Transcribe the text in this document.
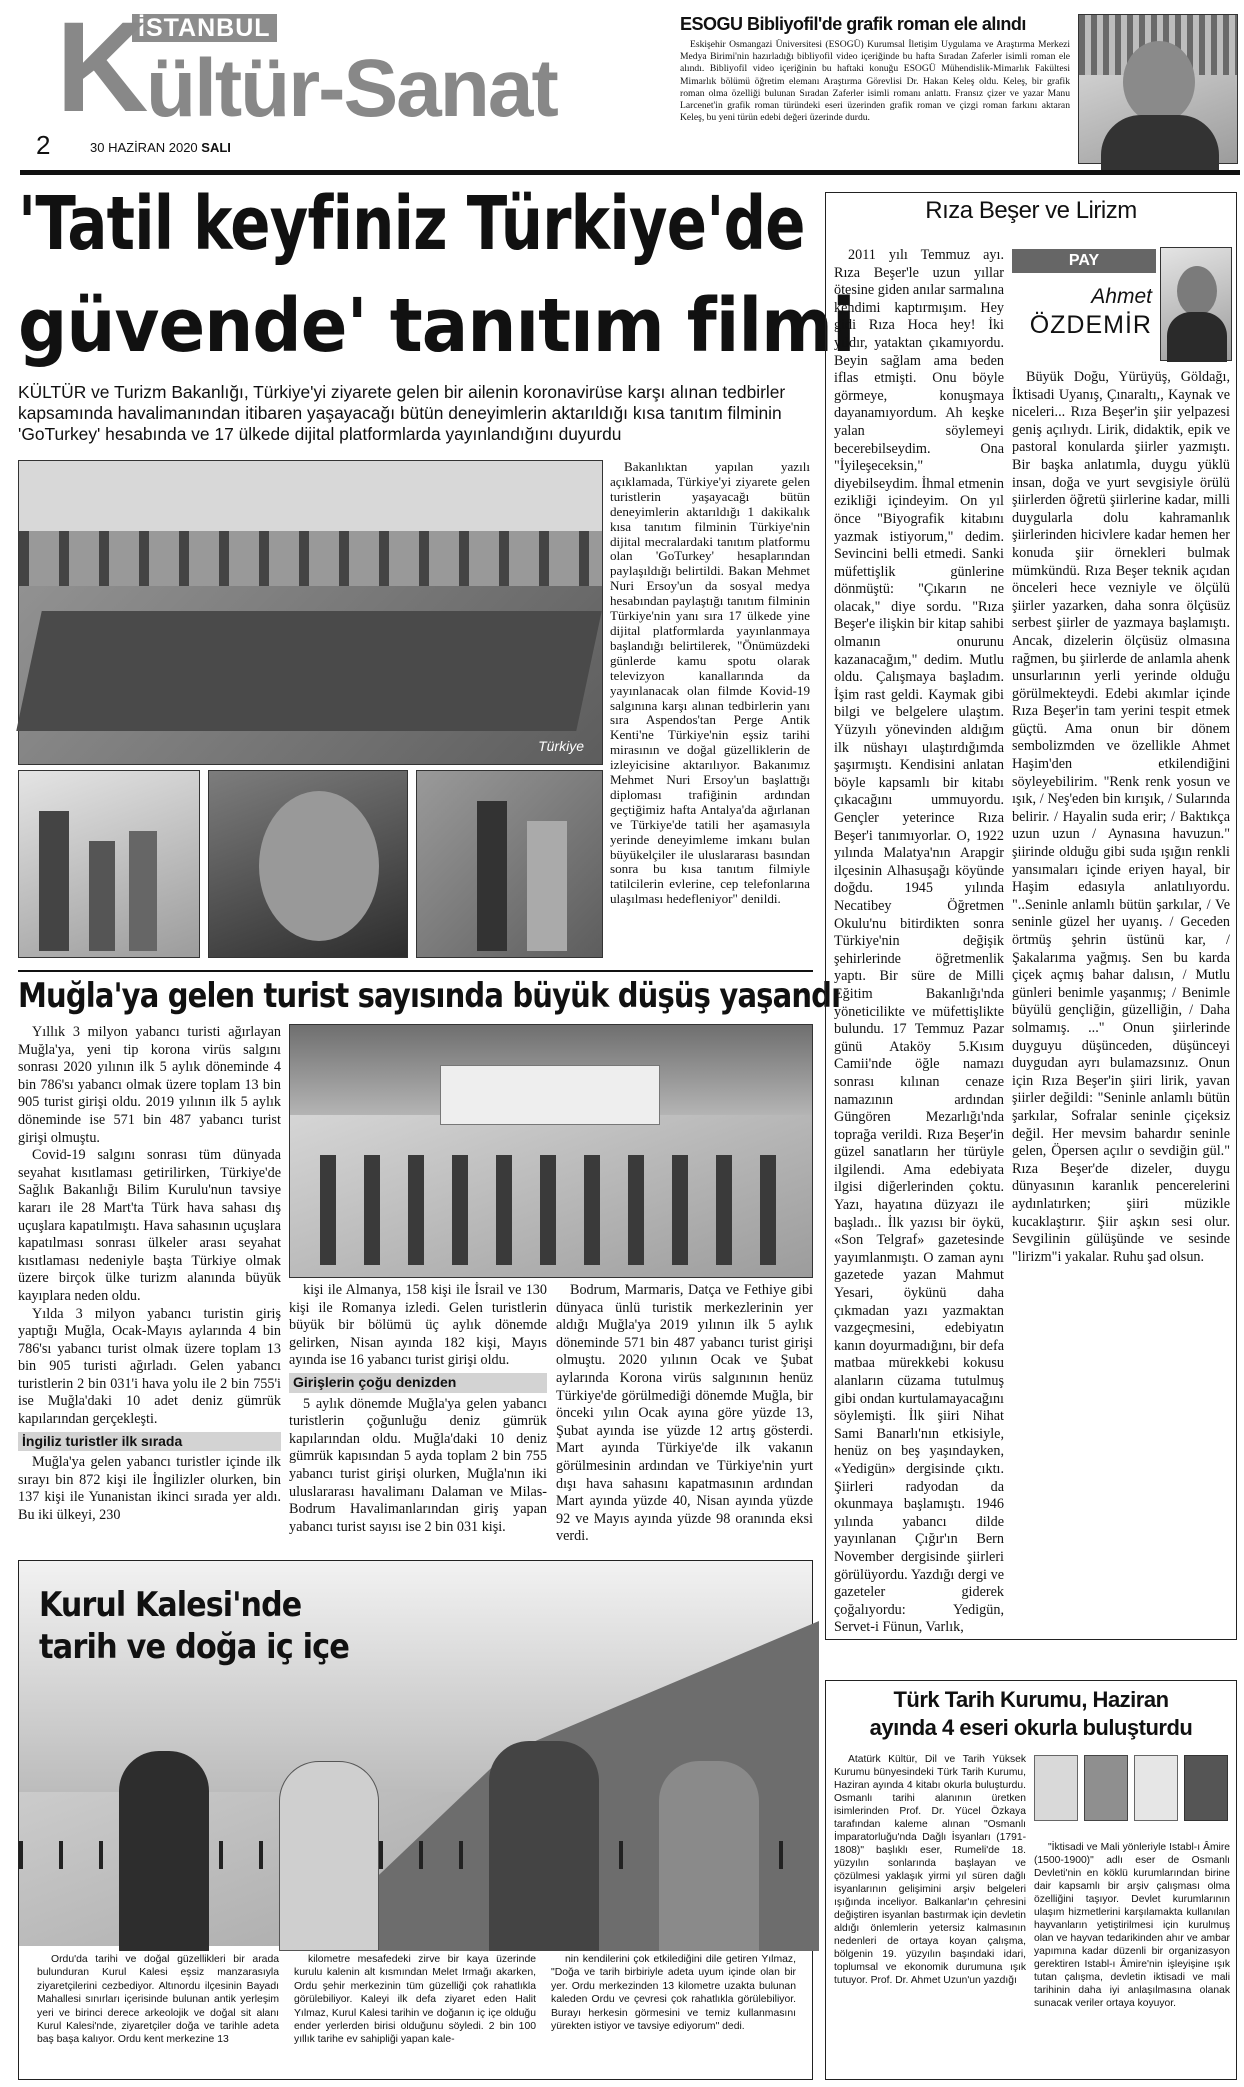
İSTANBUL
K
ültür-Sanat
2	30 HAZİRAN 2020 SALI
ESOGU Bibliyofil'de grafik roman ele alındı
Eskişehir Osmangazi Üniversitesi (ESOGÜ) Kurumsal İletişim Uygulama ve Araştırma Merkezi Medya Birimi'nin hazırladığı bibliyofil video içeriğinde bu hafta Sıradan Zaferler isimli roman ele alındı. Bibliyofil video içeriğinin bu haftaki konuğu ESOGÜ Mühendislik-Mimarlık Fakültesi Mimarlık bölümü öğretim elemanı Araştırma Görevlisi Dr. Hakan Keleş oldu. Keleş, bir grafik roman olma özelliği bulunan Sıradan Zaferler isimli romanı anlattı. Fransız çizer ve yazar Manu Larcenet'in grafik roman türündeki eseri üzerinden grafik roman ve çizgi roman farkını aktaran Keleş, bu yeni türün edebi değeri üzerinde durdu.
'Tatil keyfiniz Türkiye'de
güvende' tanıtım filmi
KÜLTÜR ve Turizm Bakanlığı, Türkiye'yi ziyarete gelen bir ailenin koronavirüse karşı alınan tedbirler kapsamında havalimanından itibaren yaşayacağı bütün deneyimlerin aktarıldığı kısa tanıtım filminin 'GoTurkey' hesabında ve 17 ülkede dijital platformlarda yayınlandığını duyurdu
Türkiye

Bakanlıktan yapılan yazılı açıklamada, Türkiye'yi ziyarete gelen turistlerin yaşayacağı bütün deneyimlerin aktarıldığı 1 dakikalık kısa tanıtım filminin Türkiye'nin dijital mecralardaki tanıtım platformu olan 'GoTurkey' hesaplarından paylaşıldığı belirtildi. Bakan Mehmet Nuri Ersoy'un da sosyal medya hesabından paylaştığı tanıtım filminin Türkiye'nin yanı sıra 17 ülkede yine dijital platformlarda yayınlanmaya başlandığı belirtilerek, "Önümüzdeki günlerde kamu spotu olarak televizyon kanallarında da yayınlanacak olan filmde Kovid-19 salgınına karşı alınan tedbirlerin yanı sıra Aspendos'tan Perge Antik Kenti'ne Türkiye'nin eşsiz tarihi mirasının ve doğal güzelliklerin de izleyicisine aktarılıyor. Bakanımız Mehmet Nuri Ersoy'un başlattığı diploması trafiğinin ardından geçtiğimiz hafta Antalya'da ağırlanan ve Türkiye'de tatili her aşamasıyla yerinde deneyimleme imkanı bulan büyükelçiler ile uluslararası basından sonra bu kısa tanıtım filmiyle tatilcilerin evlerine, cep telefonlarına ulaşılması hedefleniyor" denildi.

Muğla'ya gelen turist sayısında büyük düşüş yaşandı

Yıllık 3 milyon yabancı turisti ağırlayan Muğla'ya, yeni tip korona virüs salgını sonrası 2020 yılının ilk 5 aylık döneminde 4 bin 786'sı yabancı olmak üzere toplam 13 bin 905 turist girişi oldu. 2019 yılının ilk 5 aylık döneminde ise 571 bin 487 yabancı turist girişi olmuştu.

Covid-19 salgını sonrası tüm dünyada seyahat kısıtlaması getirilirken, Türkiye'de Sağlık Bakanlığı Bilim Kurulu'nun tavsiye kararı ile 28 Mart'ta Türk hava sahası dış uçuşlara kapatılmıştı. Hava sahasının uçuşlara kapatılması sonrası ülkeler arası seyahat kısıtlaması nedeniyle başta Türkiye olmak üzere birçok ülke turizm alanında büyük kayıplara neden oldu.

Yılda 3 milyon yabancı turistin giriş yaptığı Muğla, Ocak-Mayıs aylarında 4 bin 786'sı yabancı turist olmak üzere toplam 13 bin 905 turisti ağırladı. Gelen yabancı turistlerin 2 bin 031'i hava yolu ile 2 bin 755'i ise Muğla'daki 10 adet deniz gümrük kapılarından gerçekleşti.

İngiliz turistler ilk sırada

Muğla'ya gelen yabancı turistler içinde ilk sırayı bin 872 kişi ile İngilizler olurken, bin 137 kişi ile Yunanistan ikinci sırada yer aldı. Bu iki ülkeyi, 230

kişi ile Almanya, 158 kişi ile İsrail ve 130 kişi ile Romanya izledi. Gelen turistlerin büyük bir bölümü üç aylık dönemde gelirken, Nisan ayında 182 kişi, Mayıs ayında ise 16 yabancı turist girişi oldu.

Girişlerin çoğu denizden

5 aylık dönemde Muğla'ya gelen yabancı turistlerin çoğunluğu deniz gümrük kapılarından oldu. Muğla'daki 10 deniz gümrük kapısından 5 ayda toplam 2 bin 755 yabancı turist girişi olurken, Muğla'nın iki uluslararası havalimanı Dalaman ve Milas-Bodrum Havalimanlarından giriş yapan yabancı turist sayısı ise 2 bin 031 kişi.

Bodrum, Marmaris, Datça ve Fethiye gibi dünyaca ünlü turistik merkezlerinin yer aldığı Muğla'ya 2019 yılının ilk 5 aylık döneminde 571 bin 487 yabancı turist girişi olmuştu. 2020 yılının Ocak ve Şubat aylarında Korona virüs salgınının henüz Türkiye'de görülmediği dönemde Muğla, bir önceki yılın Ocak ayına göre yüzde 13, Şubat ayında ise yüzde 12 artış gösterdi. Mart ayında Türkiye'de ilk vakanın görülmesinin ardından ve Türkiye'nin yurt dışı hava sahasını kapatmasının ardından Mart ayında yüzde 40, Nisan ayında yüzde 92 ve Mayıs ayında yüzde 98 oranında eksi verdi.

Kurul Kalesi'nde
tarih ve doğa iç içe

Ordu'da tarihi ve doğal güzellikleri bir arada bulunduran Kurul Kalesi eşsiz manzarasıyla ziyaretçilerini cezbediyor. Altınordu ilçesinin Bayadı Mahallesi sınırları içerisinde bulunan antik yerleşim yeri ve birinci derece arkeolojik ve doğal sit alanı Kurul Kalesi'nde, ziyaretçiler doğa ve tarihle adeta baş başa kalıyor. Ordu kent merkezine 13

kilometre mesafedeki zirve bir kaya üzerinde kurulu kalenin alt kısmından Melet Irmağı akarken, Ordu şehir merkezinin tüm güzelliği çok rahatlıkla görülebiliyor. Kaleyi ilk defa ziyaret eden Halit Yılmaz, Kurul Kalesi tarihin ve doğanın iç içe olduğu ender yerlerden birisi olduğunu söyledi. 2 bin 100 yıllık tarihe ev sahipliği yapan kale-

nin kendilerini çok etkilediğini dile getiren Yılmaz, "Doğa ve tarih birbiriyle adeta uyum içinde olan bir yer. Ordu merkezinden 13 kilometre uzakta bulunan kaleden Ordu ve çevresi çok rahatlıkla görülebiliyor. Burayı herkesin görmesini ve temiz kullanmasını yürekten istiyor ve tavsiye ediyorum" dedi.

Rıza Beşer ve Lirizm

2011 yılı Temmuz ayı. Rıza Beşer'le uzun yıllar ötesine giden anılar sarmalına kendimi kaptırmışım. Hey gidi Rıza Hoca hey! İki yıldır, yataktan çıkamıyordu. Beyin sağlam ama beden iflas etmişti. Onu böyle görmeye, konuşmaya dayanamıyordum. Ah keşke yalan söylemeyi becerebilseydim. Ona "İyileşeceksin," diyebilseydim. İhmal etmenin ezikliği içindeyim. On yıl önce "Biyografik kitabını yazmak istiyorum," dedim. Sevincini belli etmedi. Sanki müfettişlik günlerine dönmüştü: "Çıkarın ne olacak," diye sordu. "Rıza Beşer'e ilişkin bir kitap sahibi olmanın onurunu kazanacağım," dedim. Mutlu oldu. Çalışmaya başladım. İşim rast geldi. Kaymak gibi bilgi ve belgelere ulaştım. Yüzyılı yönevinden aldığım ilk nüshayı ulaştırdığımda şaşırmıştı. Kendisini anlatan böyle kapsamlı bir kitabı çıkacağını ummuyordu. Gençler yeterince Rıza Beşer'i tanımıyorlar. O, 1922 yılında Malatya'nın Arapgir ilçesinin Alhasuşağı köyünde doğdu. 1945 yılında Necatibey Öğretmen Okulu'nu bitirdikten sonra Türkiye'nin değişik şehirlerinde öğretmenlik yaptı. Bir süre de Milli Eğitim Bakanlığı'nda yöneticilikte ve müfettişlikte bulundu. 17 Temmuz Pazar günü Ataköy 5.Kısım Camii'nde öğle namazı sonrası kılınan cenaze namazının ardından Güngören Mezarlığı'nda toprağa verildi. Rıza Beşer'in güzel sanatların her türüyle ilgilendi. Ama edebiyata ilgisi diğerlerinden çoktu. Yazı, hayatına düzyazı ile başladı.. İlk yazısı bir öykü, «Son Telgraf» gazetesinde yayımlanmıştı. O zaman aynı gazetede yazan Mahmut Yesari, öykünü daha çıkmadan yazı yazmaktan vazgeçmesini, edebiyatın kanın doyurmadığını, bir defa matbaa mürekkebi kokusu alanların cüzama tutulmuş gibi ondan kurtulamayacağını söylemişti. İlk şiiri Nihat Sami Banarlı'nın etkisiyle, henüz on beş yaşındayken, «Yedigün» dergisinde çıktı. Şiirleri radyodan da okunmaya başlamıştı. 1946 yılında yabancı dilde yayınlanan Çığır'ın Bern November dergisinde şiirleri görülüyordu. Yazdığı dergi ve gazeteler giderek çoğalıyordu: Yedigün, Servet-i Fünun, Varlık,

PAY
Ahmet
ÖZDEMİR

Büyük Doğu, Yürüyüş, Göldağı, İktisadi Uyanış, Çınaraltı,, Kaynak ve niceleri... Rıza Beşer'in şiir yelpazesi geniş açılıydı. Lirik, didaktik, epik ve pastoral konularda şiirler yazmıştı. Bir başka anlatımla, duygu yüklü insan, doğa ve yurt sevgisiyle örülü şiirlerden öğretü şiirlerine kadar, milli duygularla dolu kahramanlık şiirlerinden hicivlere kadar hemen her konuda şiir örnekleri bulmak mümkündü. Rıza Beşer teknik açıdan önceleri hece vezniyle ve ölçülü şiirler yazarken, daha sonra ölçüsüz serbest şiirler de yazmaya başlamıştı. Ancak, dizelerin ölçüsüz olmasına rağmen, bu şiirlerde de anlamla ahenk unsurlarının yerli yerinde olduğu görülmekteydi. Edebi akımlar içinde Rıza Beşer'in tam yerini tespit etmek güçtü. Ama onun bir dönem sembolizmden ve özellikle Ahmet Haşim'den etkilendiğini söyleyebilirim. "Renk renk yosun ve ışık, / Neş'eden bin kırışık, / Sularında belirir. / Hayalin suda erir; / Baktıkça uzun uzun / Aynasına havuzun." şiirinde olduğu gibi suda ışığın renkli yansımaları içinde eriyen hayal, bir Haşim edasıyla anlatılıyordu. "..Seninle anlamlı bütün şarkılar, / Ve seninle güzel her uyanış. / Geceden örtmüş şehrin üstünü kar, / Şakalarıma yağmış. Sen bu karda çiçek açmış bahar dalısın, / Mutlu günleri benimle yaşanmış; / Benimle büyülü gençliğin, güzelliğin, / Daha solmamış. ..." Onun şiirlerinde duyguyu düşünceden, düşünceyi duygudan ayrı bulamazsınız. Onun için Rıza Beşer'in şiiri lirik, yavan şiirler değildi: "Seninle anlamlı bütün şarkılar, Sofralar seninle çiçeksiz değil. Her mevsim bahardır seninle gelen, Öpersen açılır o sevdiğin gül." Rıza Beşer'de dizeler, duygu dünyasının karanlık pencerelerini aydınlatırken; şiiri müzikle kucaklaştırır. Şiir aşkın sesi olur. Sevgilinin gülüşünde ve sesinde "lirizm"i yakalar. Ruhu şad olsun.

Türk Tarih Kurumu, Haziran
ayında 4 eseri okurla buluşturdu

Atatürk Kültür, Dil ve Tarih Yüksek Kurumu bünyesindeki Türk Tarih Kurumu, Haziran ayında 4 kitabı okurla buluşturdu. Osmanlı tarihi alanının üretken isimlerinden Prof. Dr. Yücel Özkaya tarafından kaleme alınan "Osmanlı İmparatorluğu'nda Dağlı İsyanları (1791-1808)" başlıklı eser, Rumeli'de 18. yüzyılın sonlarında başlayan ve çözülmesi yaklaşık yirmi yıl süren dağlı isyanlarının gelişimini arşiv belgeleri ışığında inceliyor. Balkanlar'ın çehresini değiştiren isyanlan bastırmak için devletin aldığı önlemlerin yetersiz kalmasının nedenleri de ortaya koyan çalışma, bölgenin 19. yüzyılın başındaki idari, toplumsal ve ekonomik durumuna ışık tutuyor. Prof. Dr. Ahmet Uzun'un yazdığı

"İktisadi ve Mali yönleriyle Istabl-ı Âmire (1500-1900)" adlı eser de Osmanlı Devleti'nin en köklü kurumlarından birine dair kapsamlı bir arşiv çalışması olma özelliğini taşıyor. Devlet kurumlarının ulaşım hizmetlerini karşılamakta kullanılan hayvanların yetiştirilmesi için kurulmuş olan ve hayvan tedarikinden ahır ve ambar yapımına kadar düzenli bir organizasyon gerektiren Istabl-ı Âmire'nin işleyişine ışık tutan çalışma, devletin iktisadi ve mali tarihinin daha iyi anlaşılmasına olanak sunacak veriler ortaya koyuyor.
